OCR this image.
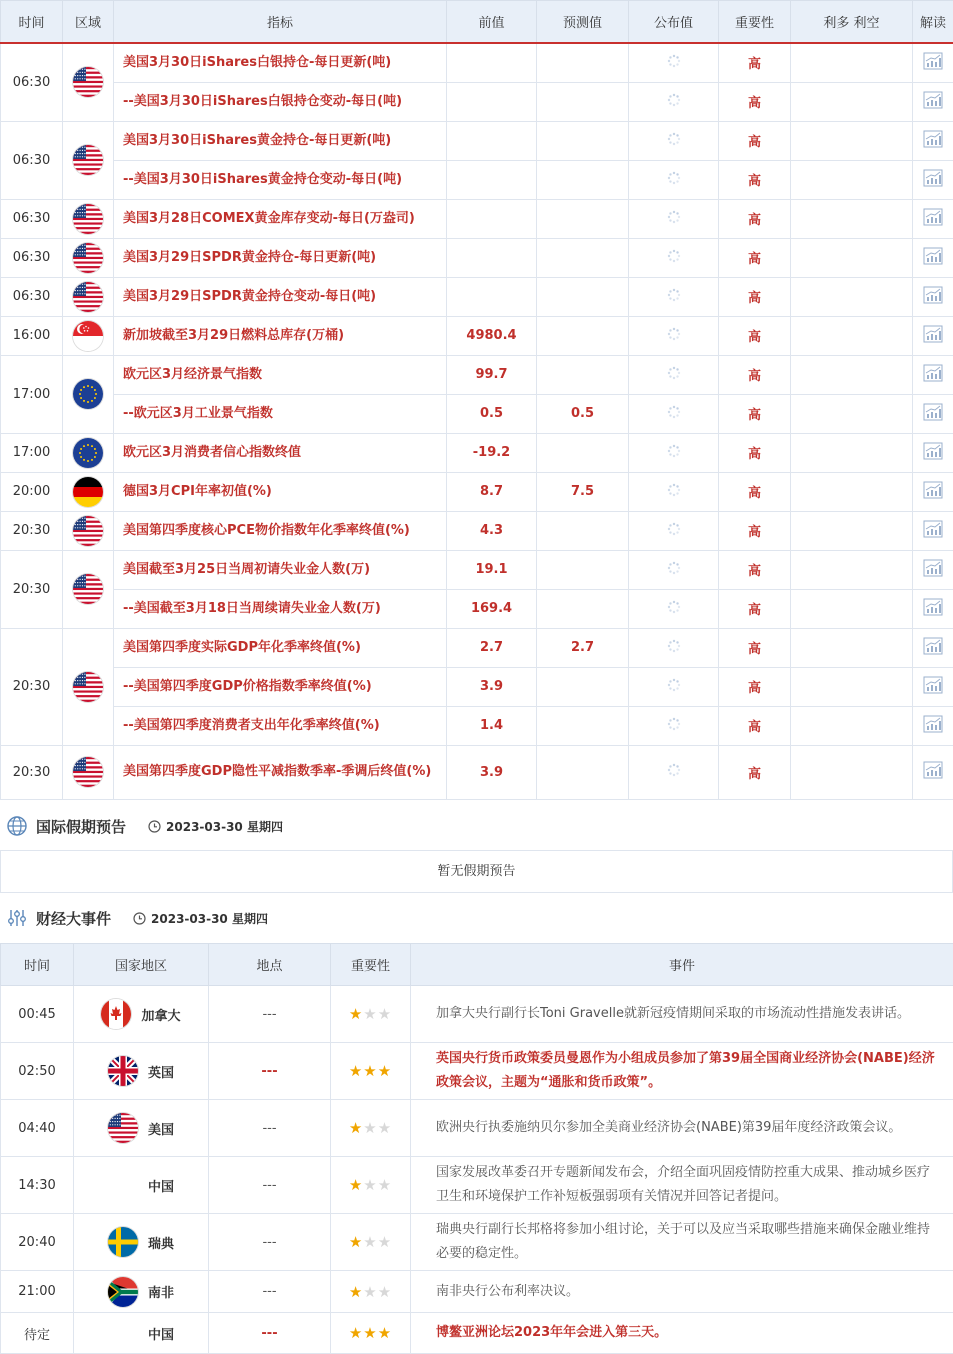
时间	区域	指标	前值	预测值	公布值	重要性	利多 利空	解读
06:30		美国3月30日iShares白银持仓-每日更新(吨)				高		
		--美国3月30日iShares白银持仓变动-每日(吨)				高		
06:30		美国3月30日iShares黄金持仓-每日更新(吨)				高		
		--美国3月30日iShares黄金持仓变动-每日(吨)				高		
06:30		美国3月28日COMEX黄金库存变动-每日(万盎司)				高		
06:30		美国3月29日SPDR黄金持仓-每日更新(吨)				高		
06:30		美国3月29日SPDR黄金持仓变动-每日(吨)				高		
16:00		新加坡截至3月29日燃料总库存(万桶)	4980.4			高		
17:00		欧元区3月经济景气指数	99.7			高		
		--欧元区3月工业景气指数	0.5	0.5		高		
17:00		欧元区3月消费者信心指数终值	-19.2			高		
20:00		德国3月CPI年率初值(%)	8.7	7.5		高		
20:30		美国第四季度核心PCE物价指数年化季率终值(%)	4.3			高		
20:30		美国截至3月25日当周初请失业金人数(万)	19.1			高		
		--美国截至3月18日当周续请失业金人数(万)	169.4			高		
20:30		美国第四季度实际GDP年化季率终值(%)	2.7	2.7		高		
		--美国第四季度GDP价格指数季率终值(%)	3.9			高		
		--美国第四季度消费者支出年化季率终值(%)	1.4			高		
20:30		美国第四季度GDP隐性平减指数季率-季调后终值(%)	3.9			高		
国际假期预告	2023-03-30 星期四
暂无假期预告
财经大事件	2023-03-30 星期四
时间	国家地区	地点	重要性	事件
00:45	加拿大	---	★★★	加拿大央行副行长Toni Gravelle就新冠疫情期间采取的市场流动性措施发表讲话。
02:50	英国	---	★★★	英国央行货币政策委员曼恩作为小组成员参加了第39届全国商业经济协会(NABE)经济政策会议，主题为“通胀和货币政策”。
04:40	美国	---	★★★	欧洲央行执委施纳贝尔参加全美商业经济协会(NABE)第39届年度经济政策会议。
14:30	中国	---	★★★	国家发展改革委召开专题新闻发布会，介绍全面巩固疫情防控重大成果、推动城乡医疗卫生和环境保护工作补短板强弱项有关情况并回答记者提问。
20:40	瑞典	---	★★★	瑞典央行副行长邦格将参加小组讨论，关于可以及应当采取哪些措施来确保金融业维持必要的稳定性。
21:00	南非	---	★★★	南非央行公布利率决议。
待定	中国	---	★★★	博鳌亚洲论坛2023年年会进入第三天。
